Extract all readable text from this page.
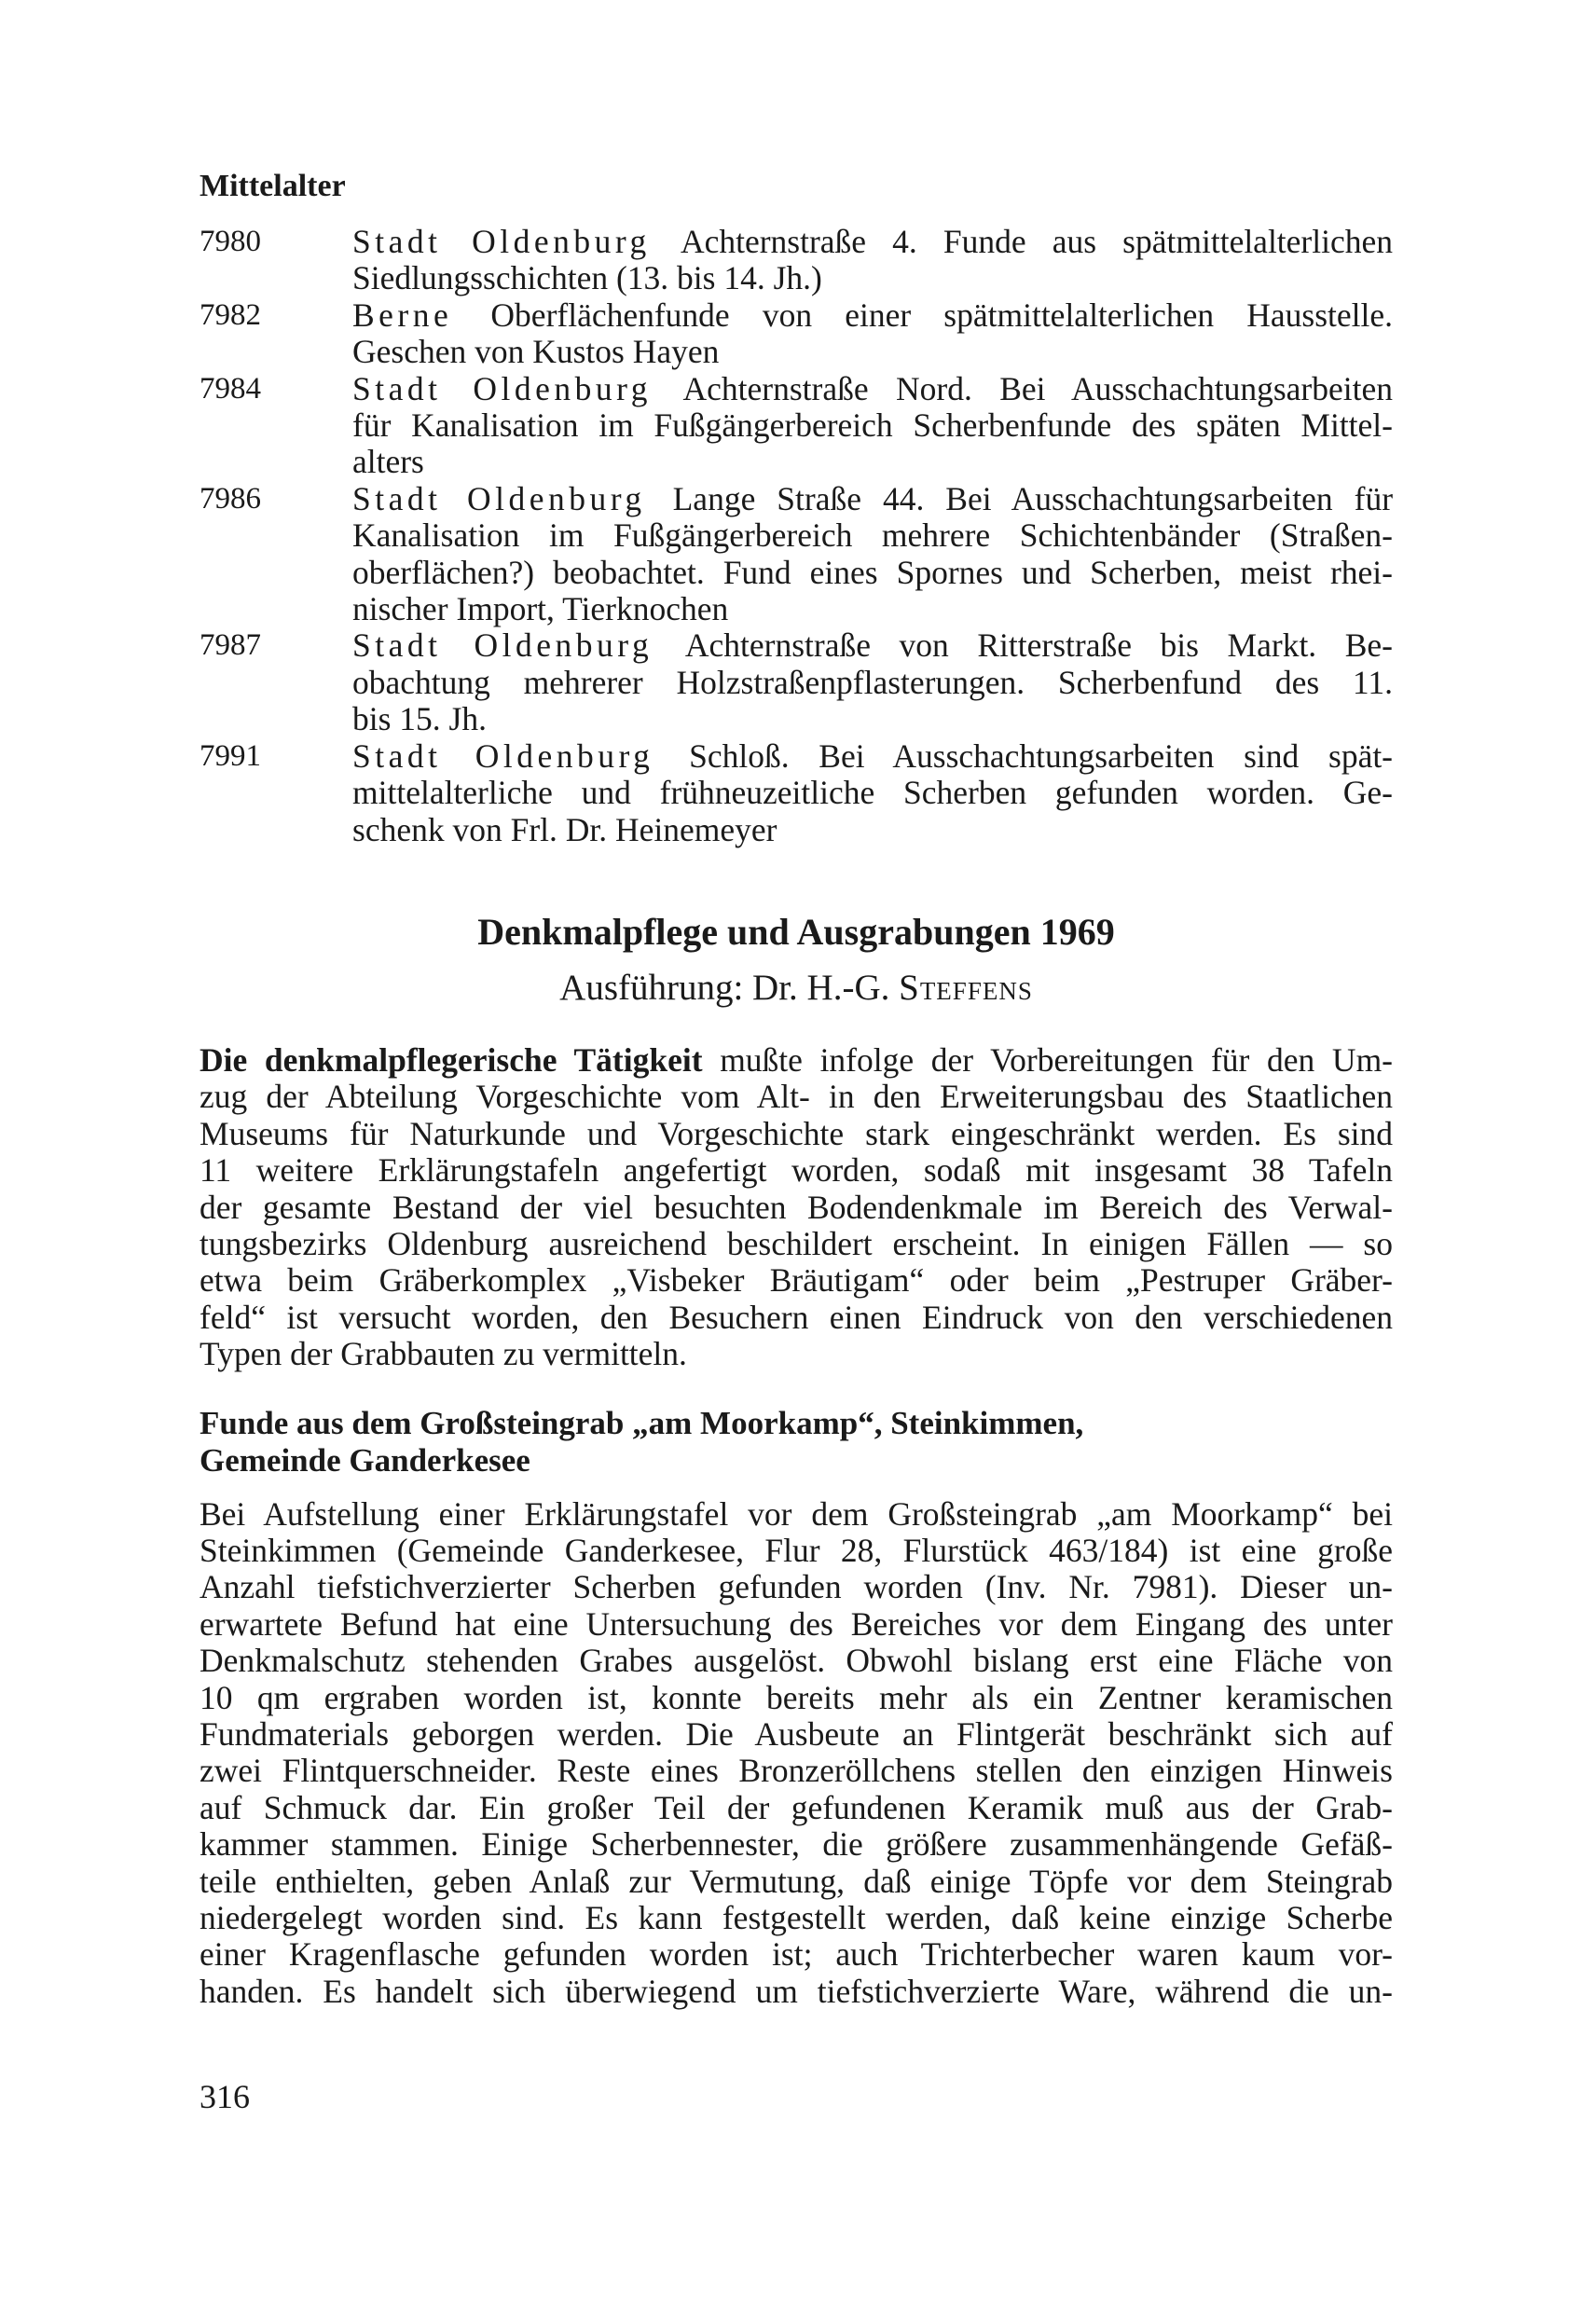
Mittelalter
7980	Stadt Oldenburg Achternstraße 4. Funde aus spätmittelalterlichen
Siedlungsschichten (13. bis 14. Jh.)
7982	Berne Oberflächenfunde von einer spätmittelalterlichen Hausstelle.
Geschen von Kustos Hayen
7984	Stadt Oldenburg Achternstraße Nord. Bei Ausschachtungsarbeiten
für Kanalisation im Fußgängerbereich Scherbenfunde des späten Mittel-
alters
7986	Stadt Oldenburg Lange Straße 44. Bei Ausschachtungsarbeiten für
Kanalisation im Fußgängerbereich mehrere Schichtenbänder (Straßen-
oberflächen?) beobachtet. Fund eines Spornes und Scherben, meist rhei-
nischer Import, Tierknochen
7987	Stadt Oldenburg Achternstraße von Ritterstraße bis Markt. Be-
obachtung mehrerer Holzstraßenpflasterungen. Scherbenfund des 11.
bis 15. Jh.
7991	Stadt Oldenburg Schloß. Bei Ausschachtungsarbeiten sind spät-
mittelalterliche und frühneuzeitliche Scherben gefunden worden. Ge-
schenk von Frl. Dr. Heinemeyer
Denkmalpflege und Ausgrabungen 1969
Ausführung: Dr. H.-G. Steffens
Die denkmalpflegerische Tätigkeit mußte infolge der Vorbereitungen für den Um-
zug der Abteilung Vorgeschichte vom Alt- in den Erweiterungsbau des Staatlichen
Museums für Naturkunde und Vorgeschichte stark eingeschränkt werden. Es sind
11 weitere Erklärungstafeln angefertigt worden, sodaß mit insgesamt 38 Tafeln
der gesamte Bestand der viel besuchten Bodendenkmale im Bereich des Verwal-
tungsbezirks Oldenburg ausreichend beschildert erscheint. In einigen Fällen — so
etwa beim Gräberkomplex „Visbeker Bräutigam“ oder beim „Pestruper Gräber-
feld“ ist versucht worden, den Besuchern einen Eindruck von den verschiedenen
Typen der Grabbauten zu vermitteln.
Funde aus dem Großsteingrab „am Moorkamp“, Steinkimmen,
Gemeinde Ganderkesee
Bei Aufstellung einer Erklärungstafel vor dem Großsteingrab „am Moorkamp“ bei
Steinkimmen (Gemeinde Ganderkesee, Flur 28, Flurstück 463/184) ist eine große
Anzahl tiefstichverzierter Scherben gefunden worden (Inv. Nr. 7981). Dieser un-
erwartete Befund hat eine Untersuchung des Bereiches vor dem Eingang des unter
Denkmalschutz stehenden Grabes ausgelöst. Obwohl bislang erst eine Fläche von
10 qm ergraben worden ist, konnte bereits mehr als ein Zentner keramischen
Fundmaterials geborgen werden. Die Ausbeute an Flintgerät beschränkt sich auf
zwei Flintquerschneider. Reste eines Bronzeröllchens stellen den einzigen Hinweis
auf Schmuck dar. Ein großer Teil der gefundenen Keramik muß aus der Grab-
kammer stammen. Einige Scherbennester, die größere zusammenhängende Gefäß-
teile enthielten, geben Anlaß zur Vermutung, daß einige Töpfe vor dem Steingrab
niedergelegt worden sind. Es kann festgestellt werden, daß keine einzige Scherbe
einer Kragenflasche gefunden worden ist; auch Trichterbecher waren kaum vor-
handen. Es handelt sich überwiegend um tiefstichverzierte Ware, während die un-
316
